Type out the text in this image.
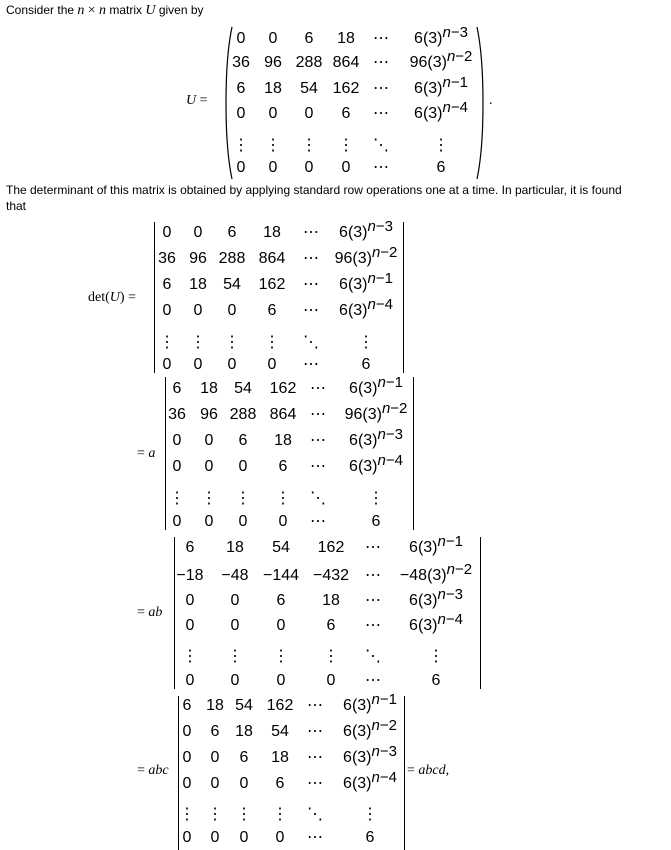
Consider the n × n matrix U given by
U =	.
The determinant of this matrix is obtained by applying standard row operations one at a time. In particular, it is found
that
det(U) =
= a
= ab
= abc	= abcd,
0 0 6 18 ⋯ $6(3)^{n-3}$
36 96 288 864 ⋯ $96(3)^{n-2}$
6 18 54 162 ⋯ $6(3)^{n-1}$
0 0 0 6 ⋯ $6(3)^{n-4}$
⋮ ⋮ ⋮ ⋮ ⋱	⋮
0 0 0 0 ⋯	6
0 0 6 18 ⋯ $6(3)^{n-3}$
36 96 288 864 ⋯ $96(3)^{n-2}$
6 18 54 162 ⋯ $6(3)^{n-1}$
0 0 0 6 ⋯ $6(3)^{n-4}$
⋮ ⋮ ⋮ ⋮ ⋱ ⋮
0 0 0 0 ⋯	6
6 18 54 162 ⋯ $6(3)^{n-1}$
36 96 288 864 ⋯ $96(3)^{n-2}$
0 0 6 18 ⋯ $6(3)^{n-3}$
0 0 0 6 ⋯ $6(3)^{n-4}$
⋮ ⋮ ⋮ ⋮ ⋱	⋮
0 0 0 0 ⋯	6
6 18 54 162 ⋯ $6(3)^{n-1}$
−18 −48 −144 −432 ⋯ $-48(3)^{n-2}$
0 0 6 18 ⋯ $6(3)^{n-3}$
0 0 0	6 ⋯ $6(3)^{n-4}$
⋮ ⋮ ⋮ ⋮ ⋱	⋮
0 0 0	0 ⋯	6
6 18 54 162 ⋯ $6(3)^{n-1}$
0 6 18 54 ⋯ $6(3)^{n-2}$
0 0 6 18 ⋯ $6(3)^{n-3}$
0 0 0 6 ⋯ $6(3)^{n-4}$
⋮ ⋮ ⋮ ⋮ ⋱ ⋮
0 0 0 0 ⋯	6
